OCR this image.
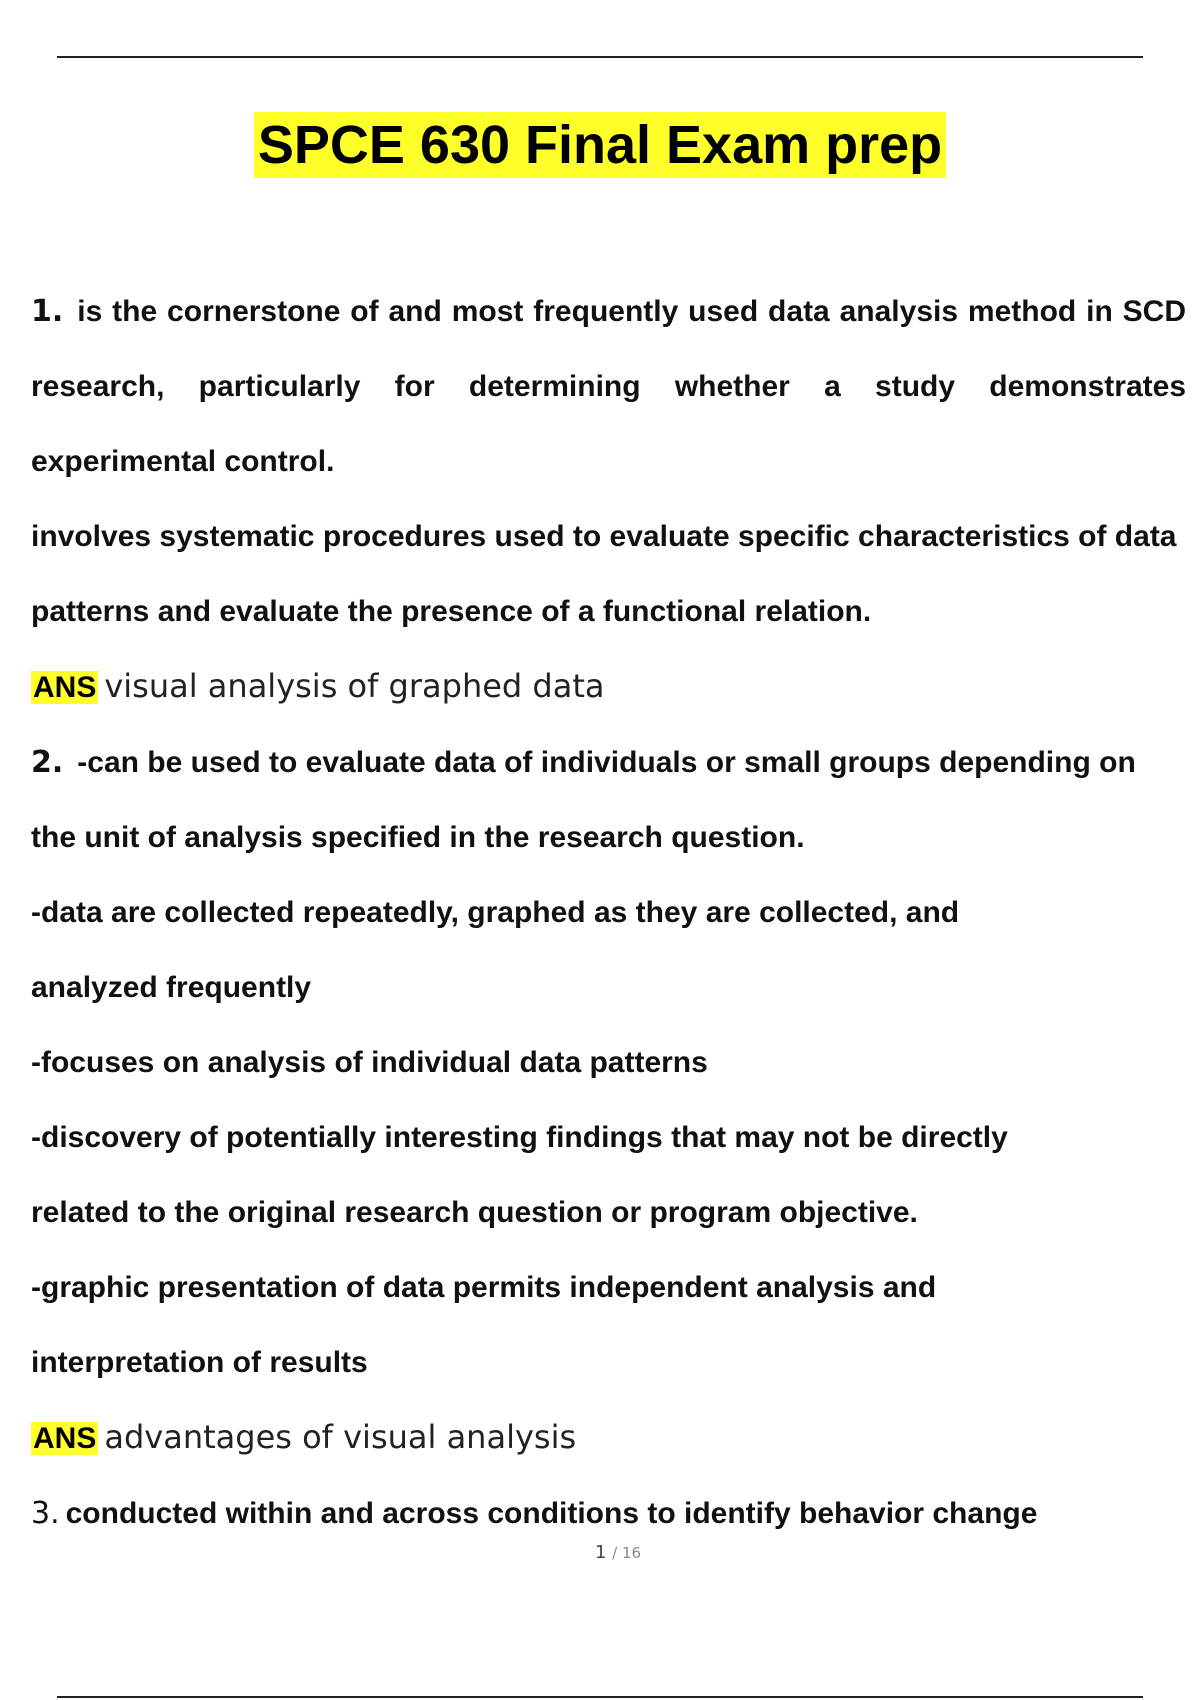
SPCE 630 Final Exam prep

1. is the cornerstone of and most frequently used data analysis method in SCD research, particularly for determining whether a study demonstrates experimental control.

involves systematic procedures used to evaluate specific characteristics of data patterns and evaluate the presence of a functional relation.

ANS visual analysis of graphed data

2. -can be used to evaluate data of individuals or small groups depending on the unit of analysis specified in the research question.

-data are collected repeatedly, graphed as they are collected, and

analyzed frequently

-focuses on analysis of individual data patterns

-discovery of potentially interesting findings that may not be directly

related to the original research question or program objective.

-graphic presentation of data permits independent analysis and

interpretation of results

ANS advantages of visual analysis

3. conducted within and across conditions to identify behavior change

1 / 16
